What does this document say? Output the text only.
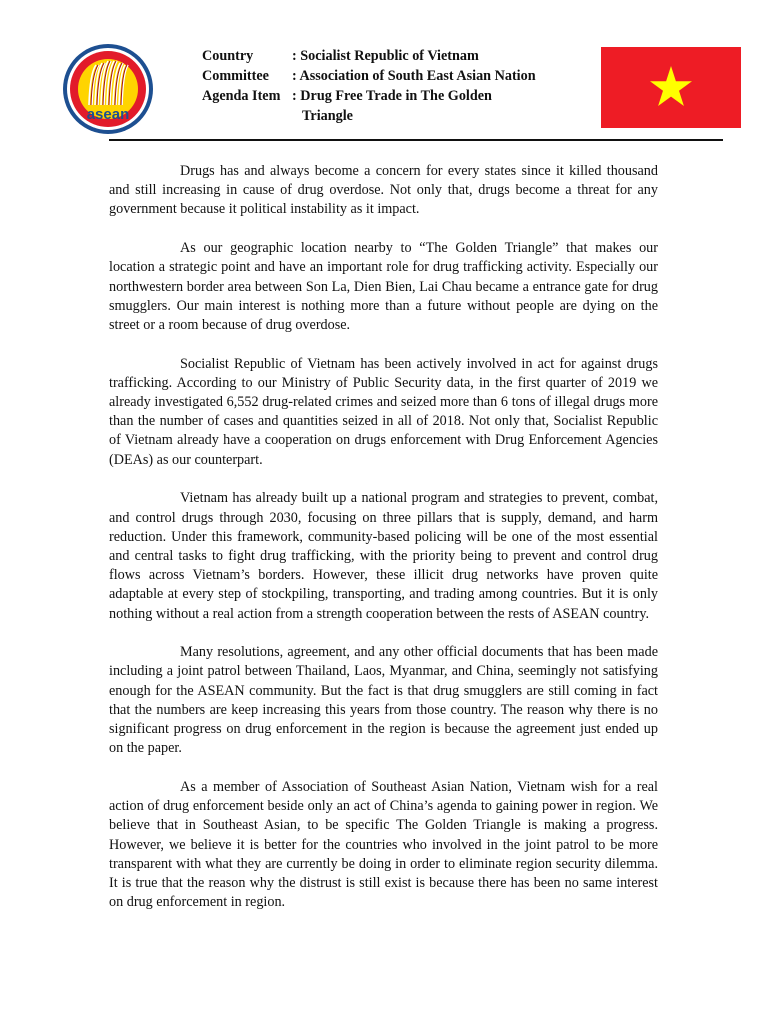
asean
Country	: Socialist Republic of Vietnam
Committee	: Association of South East Asian Nation
Agenda Item : Drug Free Trade in The Golden
Triangle

Drugs has and always become a concern for every states since it killed thousand and still increasing in cause of drug overdose. Not only that, drugs become a threat for any government because it political instability as it impact.

As our geographic location nearby to “The Golden Triangle” that makes our location a strategic point and have an important role for drug trafficking activity. Especially our northwestern border area between Son La, Dien Bien, Lai Chau became a entrance gate for drug smugglers. Our main interest is nothing more than a future without people are dying on the street or a room because of drug overdose.

Socialist Republic of Vietnam has been actively involved in act for against drugs trafficking. According to our Ministry of Public Security data, in the first quarter of 2019 we already investigated 6,552 drug-related crimes and seized more than 6 tons of illegal drugs more than the number of cases and quantities seized in all of 2018. Not only that, Socialist Republic of Vietnam already have a cooperation on drugs enforcement with Drug Enforcement Agencies (DEAs) as our counterpart.

Vietnam has already built up a national program and strategies to prevent, combat, and control drugs through 2030, focusing on three pillars that is supply, demand, and harm reduction. Under this framework, community-based policing will be one of the most essential and central tasks to fight drug trafficking, with the priority being to prevent and control drug flows across Vietnam’s borders. However, these illicit drug networks have proven quite adaptable at every step of stockpiling, transporting, and trading among countries. But it is only nothing without a real action from a strength cooperation between the rests of ASEAN country.

Many resolutions, agreement, and any other official documents that has been made including a joint patrol between Thailand, Laos, Myanmar, and China, seemingly not satisfying enough for the ASEAN community. But the fact is that drug smugglers are still coming in fact that the numbers are keep increasing this years from those country. The reason why there is no significant progress on drug enforcement in the region is because the agreement just ended up on the paper.

As a member of Association of Southeast Asian Nation, Vietnam wish for a real action of drug enforcement beside only an act of China’s agenda to gaining power in region. We believe that in Southeast Asian, to be specific The Golden Triangle is making a progress. However, we believe it is better for the countries who involved in the joint patrol to be more transparent with what they are currently be doing in order to eliminate region security dilemma. It is true that the reason why the distrust is still exist is because there has been no same interest on drug enforcement in region.
